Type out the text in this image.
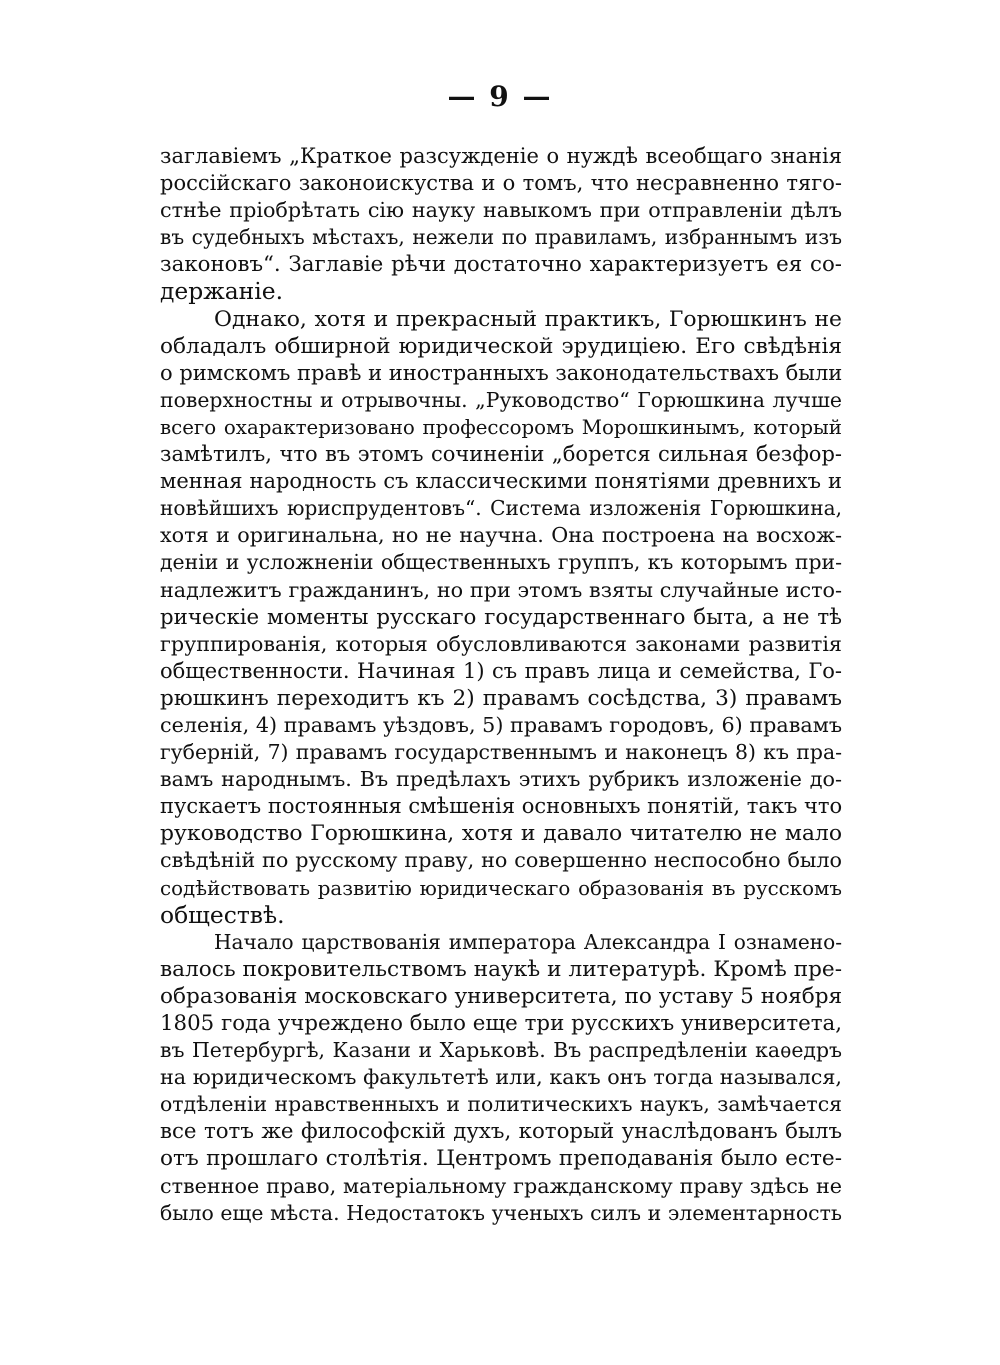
— 9 —
заглавіемъ „Краткое разсужденіе о нуждѣ всеобщаго знанія
россійскаго законоискуства и о томъ, что несравненно тяго-
стнѣе пріобрѣтать сію науку навыкомъ при отправленіи дѣлъ
въ судебныхъ мѣстахъ, нежели по правиламъ, избраннымъ изъ
законовъ“. Заглавіе рѣчи достаточно характеризуетъ ея со-
держаніе.
Однако, хотя и прекрасный практикъ, Горюшкинъ не
обладалъ обширной юридической эрудиціею. Его свѣдѣнія
о римскомъ правѣ и иностранныхъ законодательствахъ были
поверхностны и отрывочны. „Руководство“ Горюшкина лучше
всего охарактеризовано профессоромъ Морошкинымъ, который
замѣтилъ, что въ этомъ сочиненіи „борется сильная безфор-
менная народность съ классическими понятіями древнихъ и
новѣйшихъ юриспрудентовъ“. Система изложенія Горюшкина,
хотя и оригинальна, но не научна. Она построена на восхож-
деніи и усложненіи общественныхъ группъ, къ которымъ при-
надлежитъ гражданинъ, но при этомъ взяты случайные исто-
рическіе моменты русскаго государственнаго быта, а не тѣ
группированія, которыя обусловливаются законами развитія
общественности. Начиная 1) съ правъ лица и семейства, Го-
рюшкинъ переходитъ къ 2) правамъ сосѣдства, 3) правамъ
селенія, 4) правамъ уѣздовъ, 5) правамъ городовъ, 6) правамъ
губерній, 7) правамъ государственнымъ и наконецъ 8) къ пра-
вамъ народнымъ. Въ предѣлахъ этихъ рубрикъ изложеніе до-
пускаетъ постоянныя смѣшенія основныхъ понятій, такъ что
руководство Горюшкина, хотя и давало читателю не мало
свѣдѣній по русскому праву, но совершенно неспособно было
содѣйствовать развитію юридическаго образованія въ русскомъ
обществѣ.
Начало царствованія императора Александра I ознамено-
валось покровительствомъ наукѣ и литературѣ. Кромѣ пре-
образованія московскаго университета, по уставу 5 ноября
1805 года учреждено было еще три русскихъ университета,
въ Петербургѣ, Казани и Харьковѣ. Въ распредѣленіи каѳедръ
на юридическомъ факультетѣ или, какъ онъ тогда назывался,
отдѣленіи нравственныхъ и политическихъ наукъ, замѣчается
все тотъ же философскій духъ, который унаслѣдованъ былъ
отъ прошлаго столѣтія. Центромъ преподаванія было есте-
ственное право, матеріальному гражданскому праву здѣсь не
было еще мѣста. Недостатокъ ученыхъ силъ и элементарность
